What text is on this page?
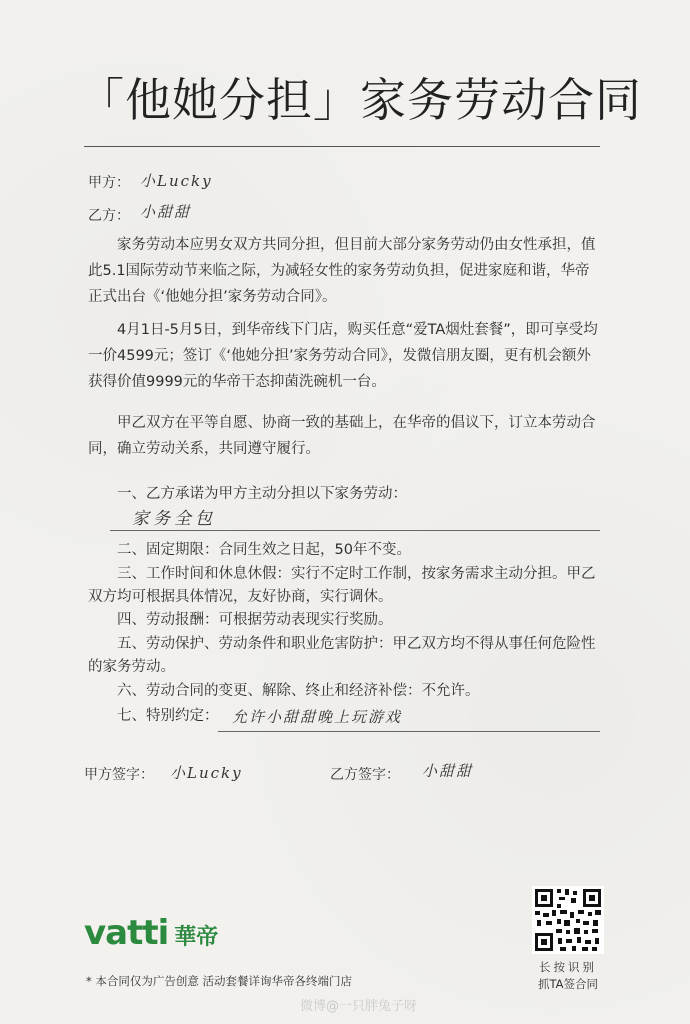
「他她分担」家务劳动合同
甲方： 小Lucky
乙方： 小甜甜

家务劳动本应男女双方共同分担，但目前大部分家务劳动仍由女性承担，值此5.1国际劳动节来临之际，为减轻女性的家务劳动负担，促进家庭和谐，华帝正式出台《‘他她分担’家务劳动合同》。

4月1日-5月5日，到华帝线下门店，购买任意“爱TA烟灶套餐”，即可享受均一价4599元；签订《‘他她分担’家务劳动合同》，发微信朋友圈，更有机会额外获得价值9999元的华帝干态抑菌洗碗机一台。

甲乙双方在平等自愿、协商一致的基础上，在华帝的倡议下，订立本劳动合同，确立劳动关系，共同遵守履行。

一、乙方承诺为甲方主动分担以下家务劳动：

家务全包

二、固定期限：合同生效之日起，50年不变。

三、工作时间和休息休假：实行不定时工作制，按家务需求主动分担。甲乙双方均可根据具体情况，友好协商，实行调休。

四、劳动报酬：可根据劳动表现实行奖励。

五、劳动保护、劳动条件和职业危害防护：甲乙双方均不得从事任何危险性的家务劳动。

六、劳动合同的变更、解除、终止和经济补偿：不允许。

七、特别约定： 允许小甜甜晚上玩游戏
甲方签字： 小Lucky	乙方签字： 小甜甜
vatti 華帝
* 本合同仅为广告创意 活动套餐详询华帝各终端门店
长按识别
抓TA签合同
微博@一只胖兔子呀
